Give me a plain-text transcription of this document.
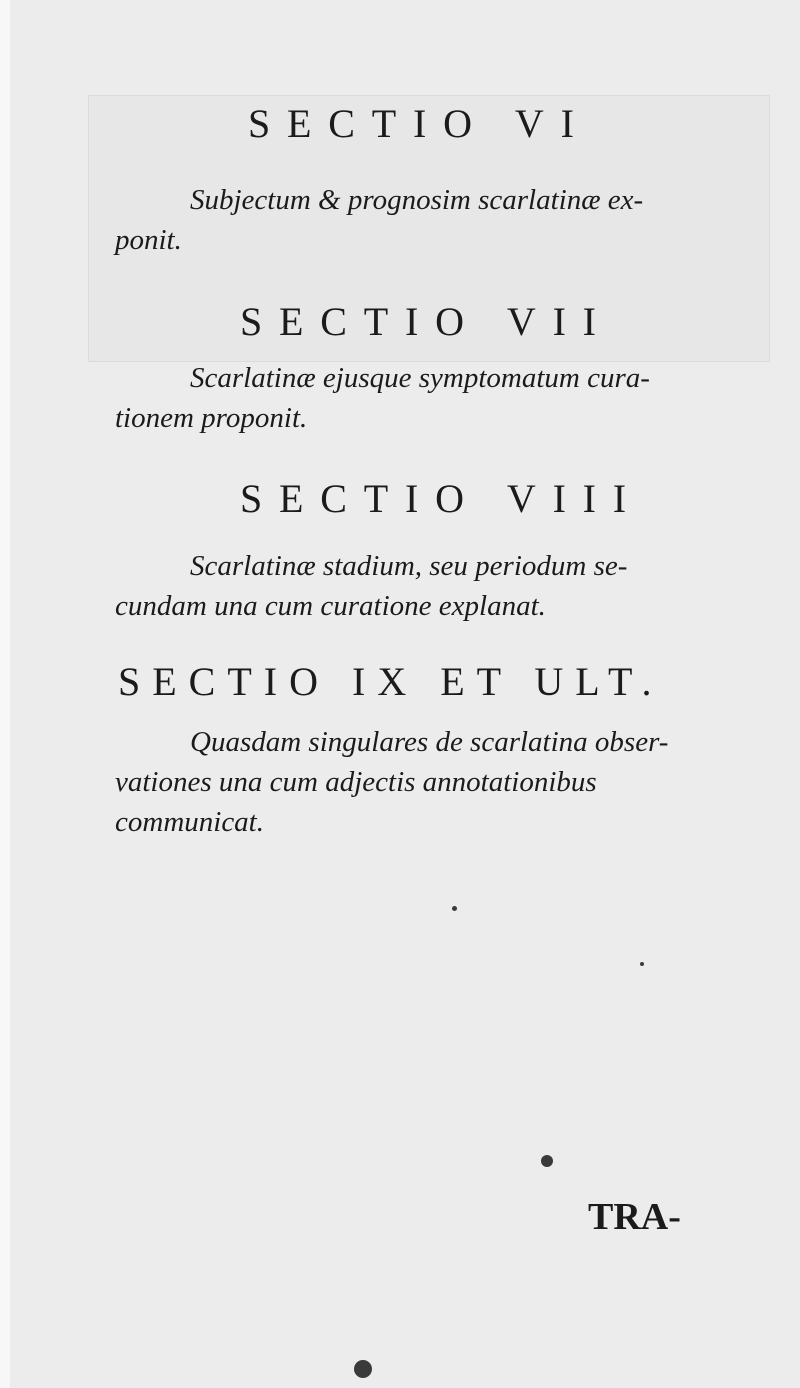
SECTIO VI

Subjectum & prognosim scarlatinæ ex-
ponit.

SECTIO VII

Scarlatinæ ejusque symptomatum cura-
tionem proponit.

SECTIO VIII

Scarlatinæ stadium, seu periodum se-
cundam una cum curatione explanat.

SECTIO IX ET ULT.

Quasdam singulares de scarlatina obser-
vationes una cum adjectis annotationibus
communicat.

TRA-
